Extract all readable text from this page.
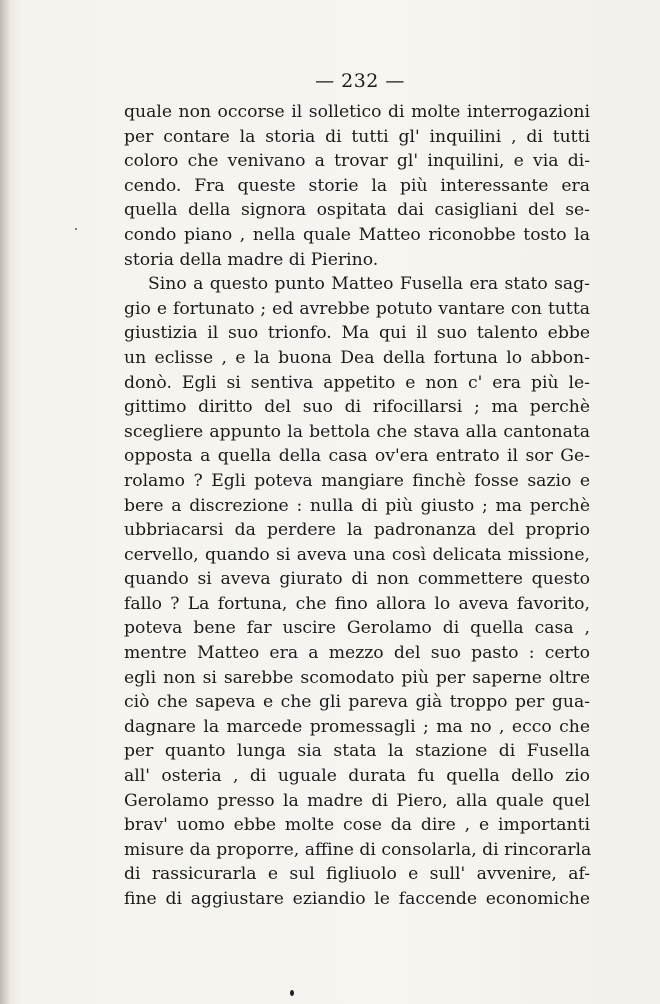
— 232 —
quale non occorse il solletico di molte interrogazioni
per contare la storia di tutti gl' inquilini , di tutti
coloro che venivano a trovar gl' inquilini, e via di-
cendo. Fra queste storie la più interessante era
quella della signora ospitata dai casigliani del se-
condo piano , nella quale Matteo riconobbe tosto la
storia della madre di Pierino.
Sino a questo punto Matteo Fusella era stato sag-
gio e fortunato ; ed avrebbe potuto vantare con tutta
giustizia il suo trionfo. Ma qui il suo talento ebbe
un eclisse , e la buona Dea della fortuna lo abbon-
donò. Egli si sentiva appetito e non c' era più le-
gittimo diritto del suo di rifocillarsi ; ma perchè
scegliere appunto la bettola che stava alla cantonata
opposta a quella della casa ov'era entrato il sor Ge-
rolamo ? Egli poteva mangiare finchè fosse sazio e
bere a discrezione : nulla di più giusto ; ma perchè
ubbriacarsi da perdere la padronanza del proprio
cervello, quando si aveva una così delicata missione,
quando si aveva giurato di non commettere questo
fallo ? La fortuna, che fino allora lo aveva favorito,
poteva bene far uscire Gerolamo di quella casa ,
mentre Matteo era a mezzo del suo pasto : certo
egli non si sarebbe scomodato più per saperne oltre
ciò che sapeva e che gli pareva già troppo per gua-
dagnare la marcede promessagli ; ma no , ecco che
per quanto lunga sia stata la stazione di Fusella
all' osteria , di uguale durata fu quella dello zio
Gerolamo presso la madre di Piero, alla quale quel
brav' uomo ebbe molte cose da dire , e importanti
misure da proporre, affine di consolarla, di rincorarla
di rassicurarla e sul figliuolo e sull' avvenire, af-
fine di aggiustare eziandio le faccende economiche
